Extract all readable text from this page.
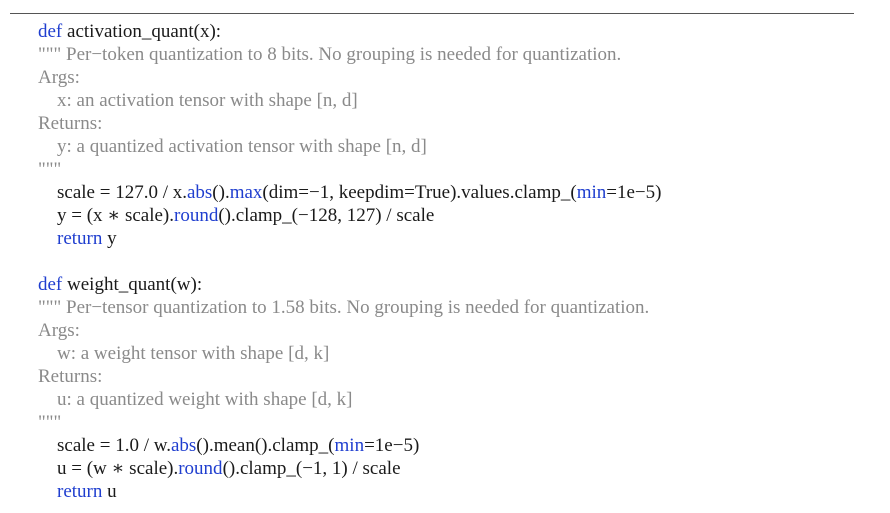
def activation_quant(x):
""" Per−token quantization to 8 bits. No grouping is needed for quantization.
Args:
x: an activation tensor with shape [n, d]
Returns:
y: a quantized activation tensor with shape [n, d]
"""
scale = 127.0 / x.abs().max(dim=−1, keepdim=True).values.clamp_(min=1e−5)
y = (x ∗ scale).round().clamp_(−128, 127) / scale
return y
def weight_quant(w):
""" Per−tensor quantization to 1.58 bits. No grouping is needed for quantization.
Args:
w: a weight tensor with shape [d, k]
Returns:
u: a quantized weight with shape [d, k]
"""
scale = 1.0 / w.abs().mean().clamp_(min=1e−5)
u = (w ∗ scale).round().clamp_(−1, 1) / scale
return u
